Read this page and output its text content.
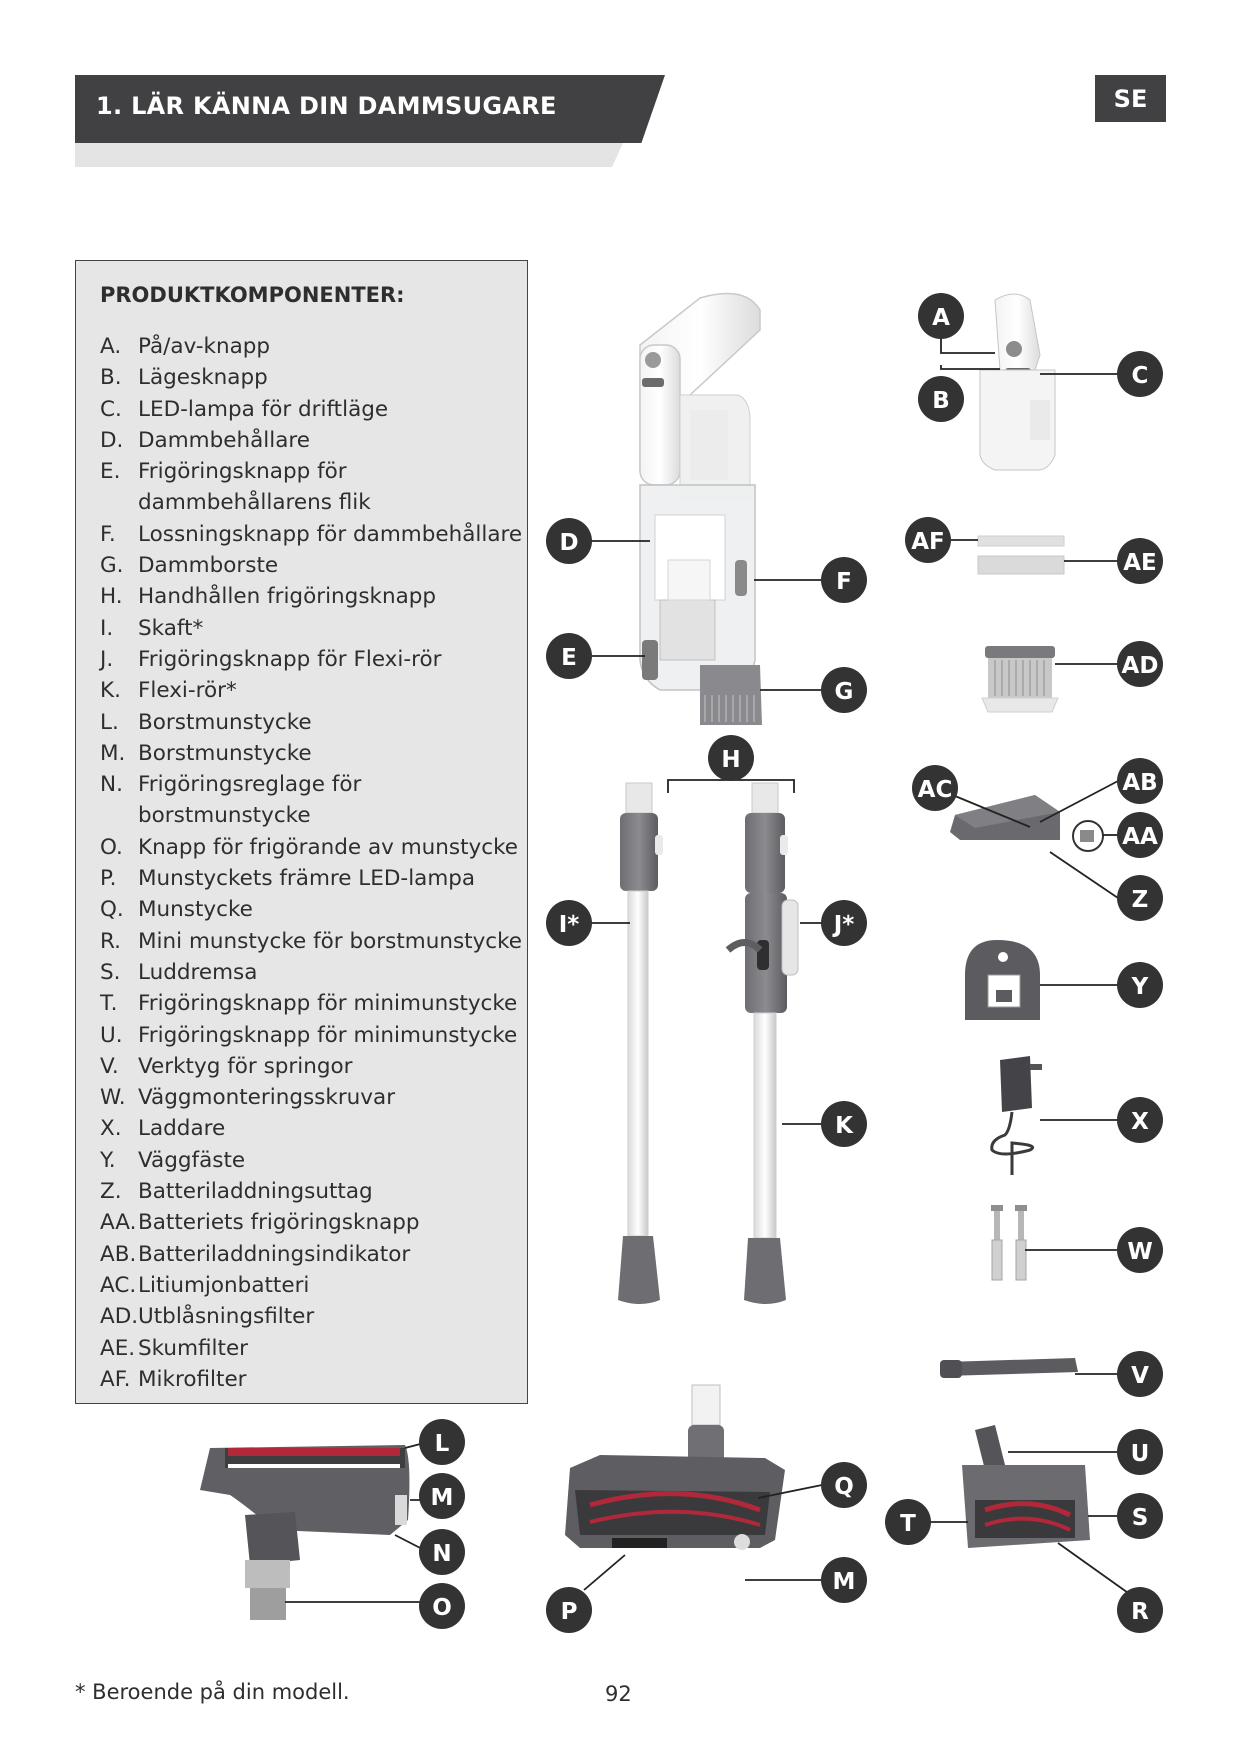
1. LÄR KÄNNA DIN DAMMSUGARE	SE
PRODUKTKOMPONENTER:
A. På/av-knapp
B. Lägesknapp
C. LED-lampa för driftläge
D. Dammbehållare
E. Frigöringsknapp för
dammbehållarens flik
F. Lossningsknapp för dammbehållare
G. Dammborste
H. Handhållen frigöringsknapp
I. Skaft*
J. Frigöringsknapp för Flexi-rör
K. Flexi-rör*
L. Borstmunstycke
M. Borstmunstycke
N. Frigöringsreglage för
borstmunstycke
O. Knapp för frigörande av munstycke
P. Munstyckets främre LED-lampa
Q. Munstycke
R. Mini munstycke för borstmunstycke
S. Luddremsa
T. Frigöringsknapp för minimunstycke
U. Frigöringsknapp för minimunstycke
V. Verktyg för springor
W. Väggmonteringsskruvar
X. Laddare
Y. Väggfäste
Z. Batteriladdningsuttag
AA. Batteriets frigöringsknapp
AB. Batteriladdningsindikator
AC. Litiumjonbatteri
AD. Utblåsningsfilter
AE. Skumfilter
AF. Mikrofilter
A
B
C
D
F
E
G
AF
AE
AD
H
AC	AB
AA
I*	J*
Z
Y
K	X
W
V
U
T	S
R
L
M
N
O
Q
M
P
* Beroende på din modell.	92
